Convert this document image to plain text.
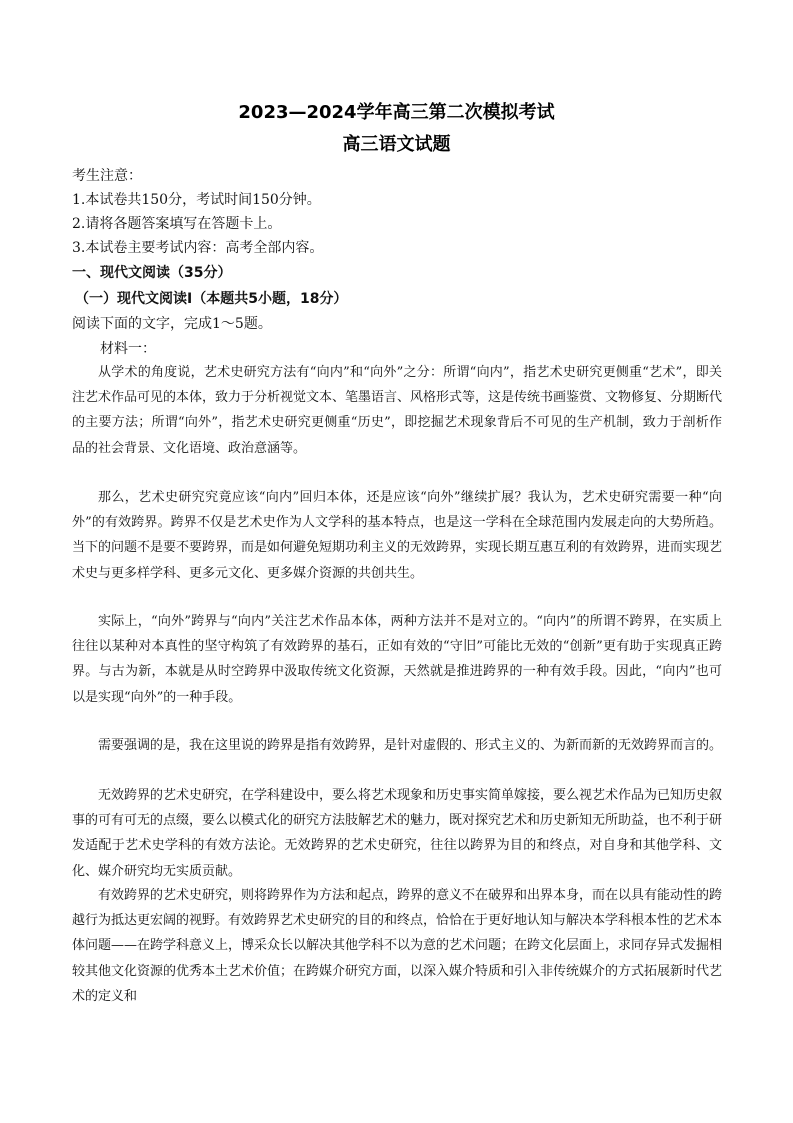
2023—2024学年高三第二次模拟考试
高三语文试题
考生注意：
1.本试卷共150分，考试时间150分钟。
2.请将各题答案填写在答题卡上。
3.本试卷主要考试内容：高考全部内容。
一、现代文阅读（35分）
（一）现代文阅读Ⅰ（本题共5小题，18分）
阅读下面的文字，完成1～5题。
材料一：
从学术的角度说，艺术史研究方法有“向内”和“向外”之分：所谓“向内”，指艺术史研究更侧重“艺术”，即关注艺术作品可见的本体，致力于分析视觉文本、笔墨语言、风格形式等，这是传统书画鉴赏、文物修复、分期断代的主要方法；所谓“向外”，指艺术史研究更侧重“历史”，即挖掘艺术现象背后不可见的生产机制，致力于剖析作品的社会背景、文化语境、政治意涵等。
那么，艺术史研究究竟应该“向内”回归本体，还是应该“向外”继续扩展？我认为，艺术史研究需要一种“向外”的有效跨界。跨界不仅是艺术史作为人文学科的基本特点，也是这一学科在全球范围内发展走向的大势所趋。当下的问题不是要不要跨界，而是如何避免短期功利主义的无效跨界，实现长期互惠互利的有效跨界，进而实现艺术史与更多样学科、更多元文化、更多媒介资源的共创共生。
实际上，“向外”跨界与“向内”关注艺术作品本体，两种方法并不是对立的。“向内”的所谓不跨界，在实质上往往以某种对本真性的坚守构筑了有效跨界的基石，正如有效的“守旧”可能比无效的“创新”更有助于实现真正跨界。与古为新，本就是从时空跨界中汲取传统文化资源，天然就是推进跨界的一种有效手段。因此，“向内”也可以是实现“向外”的一种手段。
需要强调的是，我在这里说的跨界是指有效跨界，是针对虚假的、形式主义的、为新而新的无效跨界而言的。
无效跨界的艺术史研究，在学科建设中，要么将艺术现象和历史事实简单嫁接，要么视艺术作品为已知历史叙事的可有可无的点缀，要么以模式化的研究方法肢解艺术的魅力，既对探究艺术和历史新知无所助益，也不利于研发适配于艺术史学科的有效方法论。无效跨界的艺术史研究，往往以跨界为目的和终点，对自身和其他学科、文化、媒介研究均无实质贡献。
有效跨界的艺术史研究，则将跨界作为方法和起点，跨界的意义不在破界和出界本身，而在以具有能动性的跨越行为抵达更宏阔的视野。有效跨界艺术史研究的目的和终点，恰恰在于更好地认知与解决本学科根本性的艺术本体问题——在跨学科意义上，博采众长以解决其他学科不以为意的艺术问题；在跨文化层面上，求同存异式发掘相较其他文化资源的优秀本土艺术价值；在跨媒介研究方面，以深入媒介特质和引入非传统媒介的方式拓展新时代艺术的定义和
